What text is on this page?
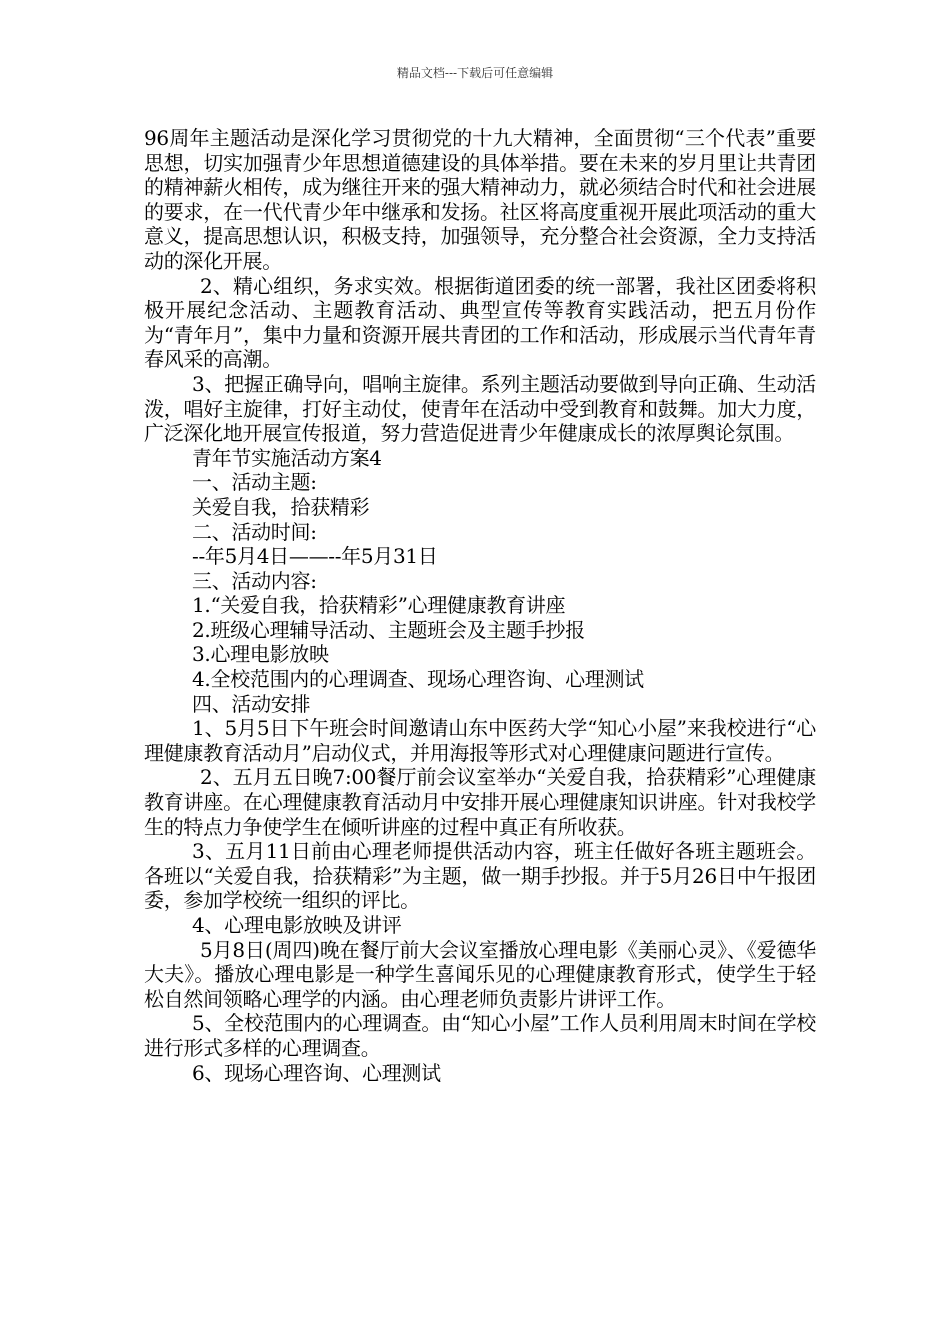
精品文档---下载后可任意编辑

96周年主题活动是深化学习贯彻党的十九大精神，全面贯彻“三个代表”重要思想，切实加强青少年思想道德建设的具体举措。要在未来的岁月里让共青团的精神薪火相传，成为继往开来的强大精神动力，就必须结合时代和社会进展的要求，在一代代青少年中继承和发扬。社区将高度重视开展此项活动的重大意义，提高思想认识，积极支持，加强领导，充分整合社会资源，全力支持活动的深化开展。

2、精心组织，务求实效。根据街道团委的统一部署，我社区团委将积极开展纪念活动、主题教育活动、典型宣传等教育实践活动，把五月份作为“青年月”，集中力量和资源开展共青团的工作和活动，形成展示当代青年青春风采的高潮。

3、把握正确导向，唱响主旋律。系列主题活动要做到导向正确、生动活泼，唱好主旋律，打好主动仗，使青年在活动中受到教育和鼓舞。加大力度，广泛深化地开展宣传报道，努力营造促进青少年健康成长的浓厚舆论氛围。

青年节实施活动方案4

一、活动主题:

关爱自我，拾获精彩

二、活动时间:

--年5月4日——--年5月31日

三、活动内容:

1.“关爱自我，拾获精彩”心理健康教育讲座

2.班级心理辅导活动、主题班会及主题手抄报

3.心理电影放映

4.全校范围内的心理调查、现场心理咨询、心理测试

四、活动安排

1、5月5日下午班会时间邀请山东中医药大学“知心小屋”来我校进行“心理健康教育活动月”启动仪式，并用海报等形式对心理健康问题进行宣传。

2、五月五日晚7:00餐厅前会议室举办“关爱自我，拾获精彩”心理健康教育讲座。在心理健康教育活动月中安排开展心理健康知识讲座。针对我校学生的特点力争使学生在倾听讲座的过程中真正有所收获。

3、五月11日前由心理老师提供活动内容，班主任做好各班主题班会。各班以“关爱自我，拾获精彩”为主题，做一期手抄报。并于5月26日中午报团委，参加学校统一组织的评比。

4、心理电影放映及讲评

5月8日(周四)晚在餐厅前大会议室播放心理电影《美丽心灵》、《爱德华大夫》。播放心理电影是一种学生喜闻乐见的心理健康教育形式，使学生于轻松自然间领略心理学的内涵。由心理老师负责影片讲评工作。

5、全校范围内的心理调查。由“知心小屋”工作人员利用周末时间在学校进行形式多样的心理调查。

6、现场心理咨询、心理测试
